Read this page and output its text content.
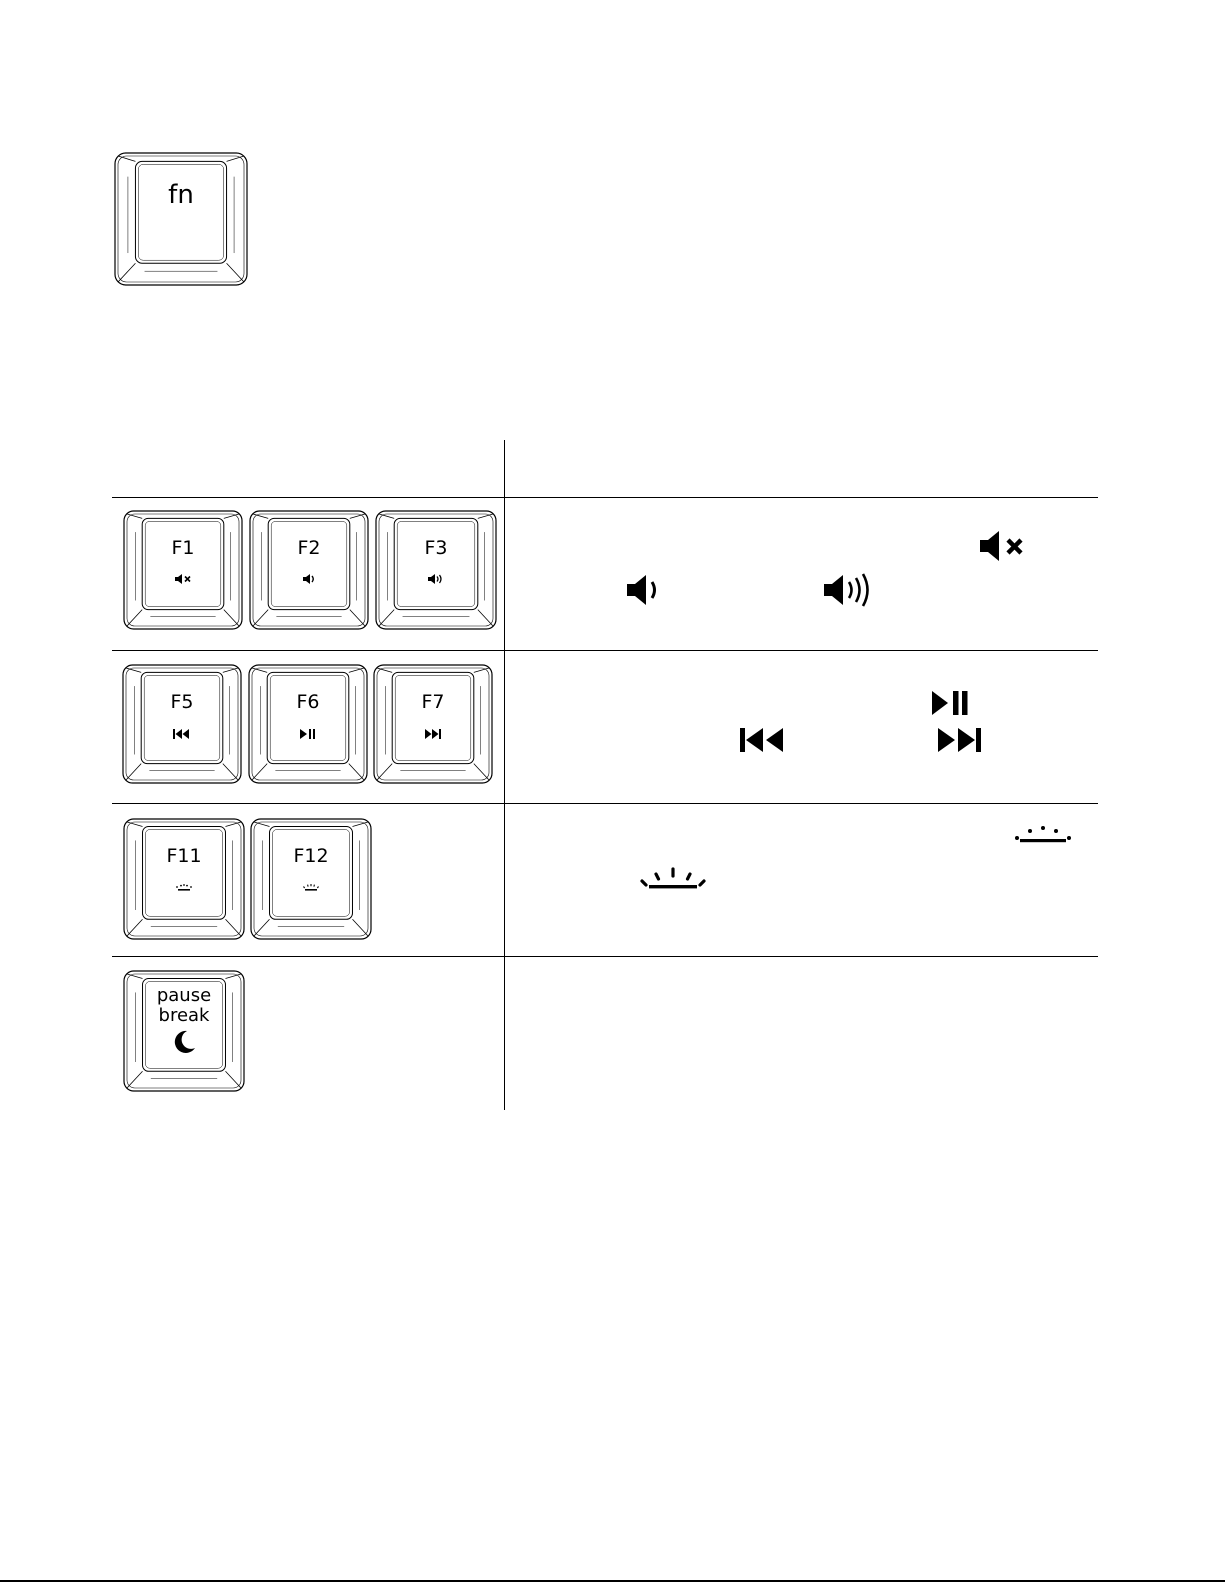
fn
F1	F2	F3
F5	F6	F7
F11	F12
pause
break
